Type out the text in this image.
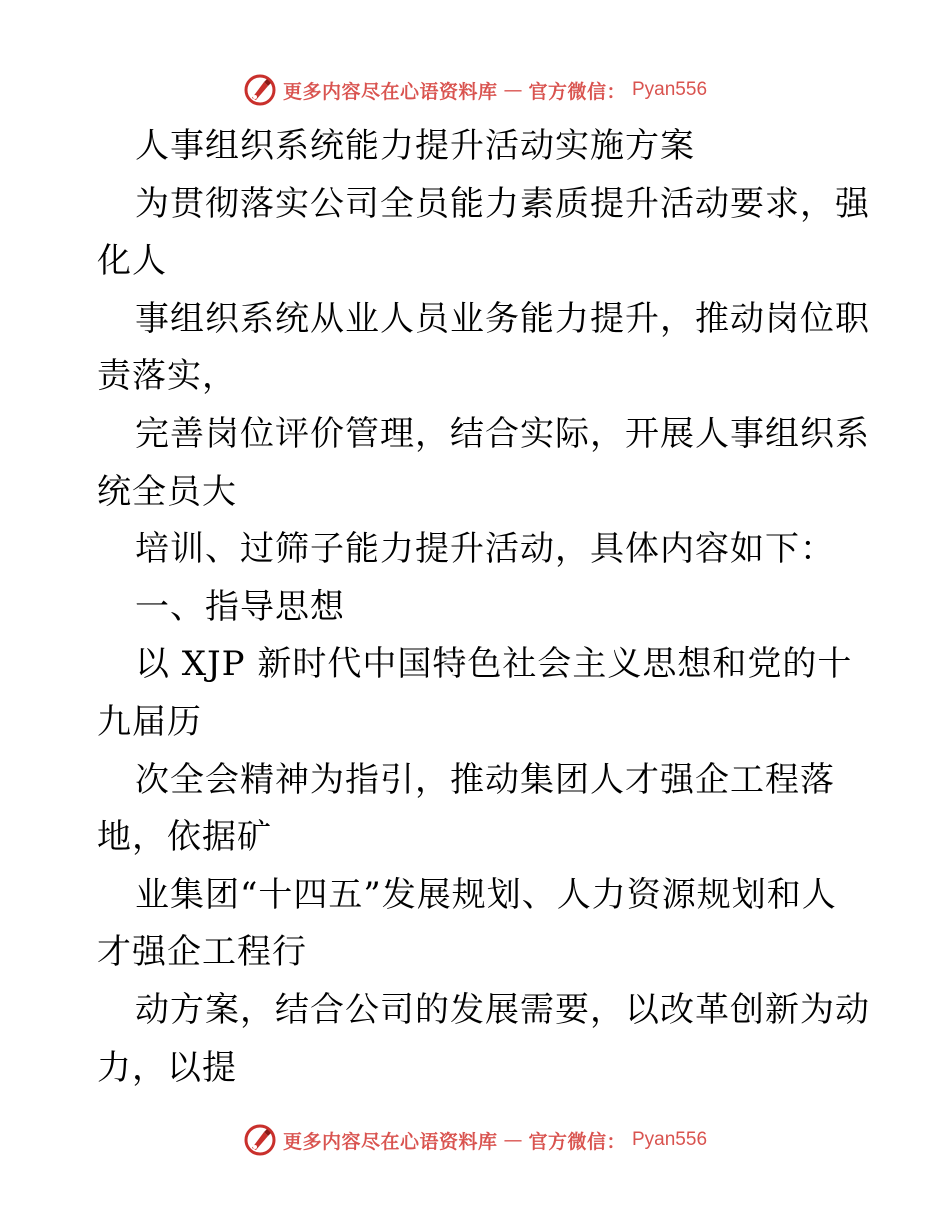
更多内容尽在心语资料库 — 官方微信： Pyan556
人事组织系统能力提升活动实施方案
为贯彻落实公司全员能力素质提升活动要求，强
化人
事组织系统从业人员业务能力提升，推动岗位职
责落实，
完善岗位评价管理，结合实际，开展人事组织系
统全员大
培训、过筛子能力提升活动，具体内容如下：
一、指导思想
以 XJP 新时代中国特色社会主义思想和党的十
九届历
次全会精神为指引，推动集团人才强企工程落
地，依据矿
业集团“十四五”发展规划、人力资源规划和人
才强企工程行
动方案，结合公司的发展需要，以改革创新为动
力，以提
更多内容尽在心语资料库 — 官方微信： Pyan556
